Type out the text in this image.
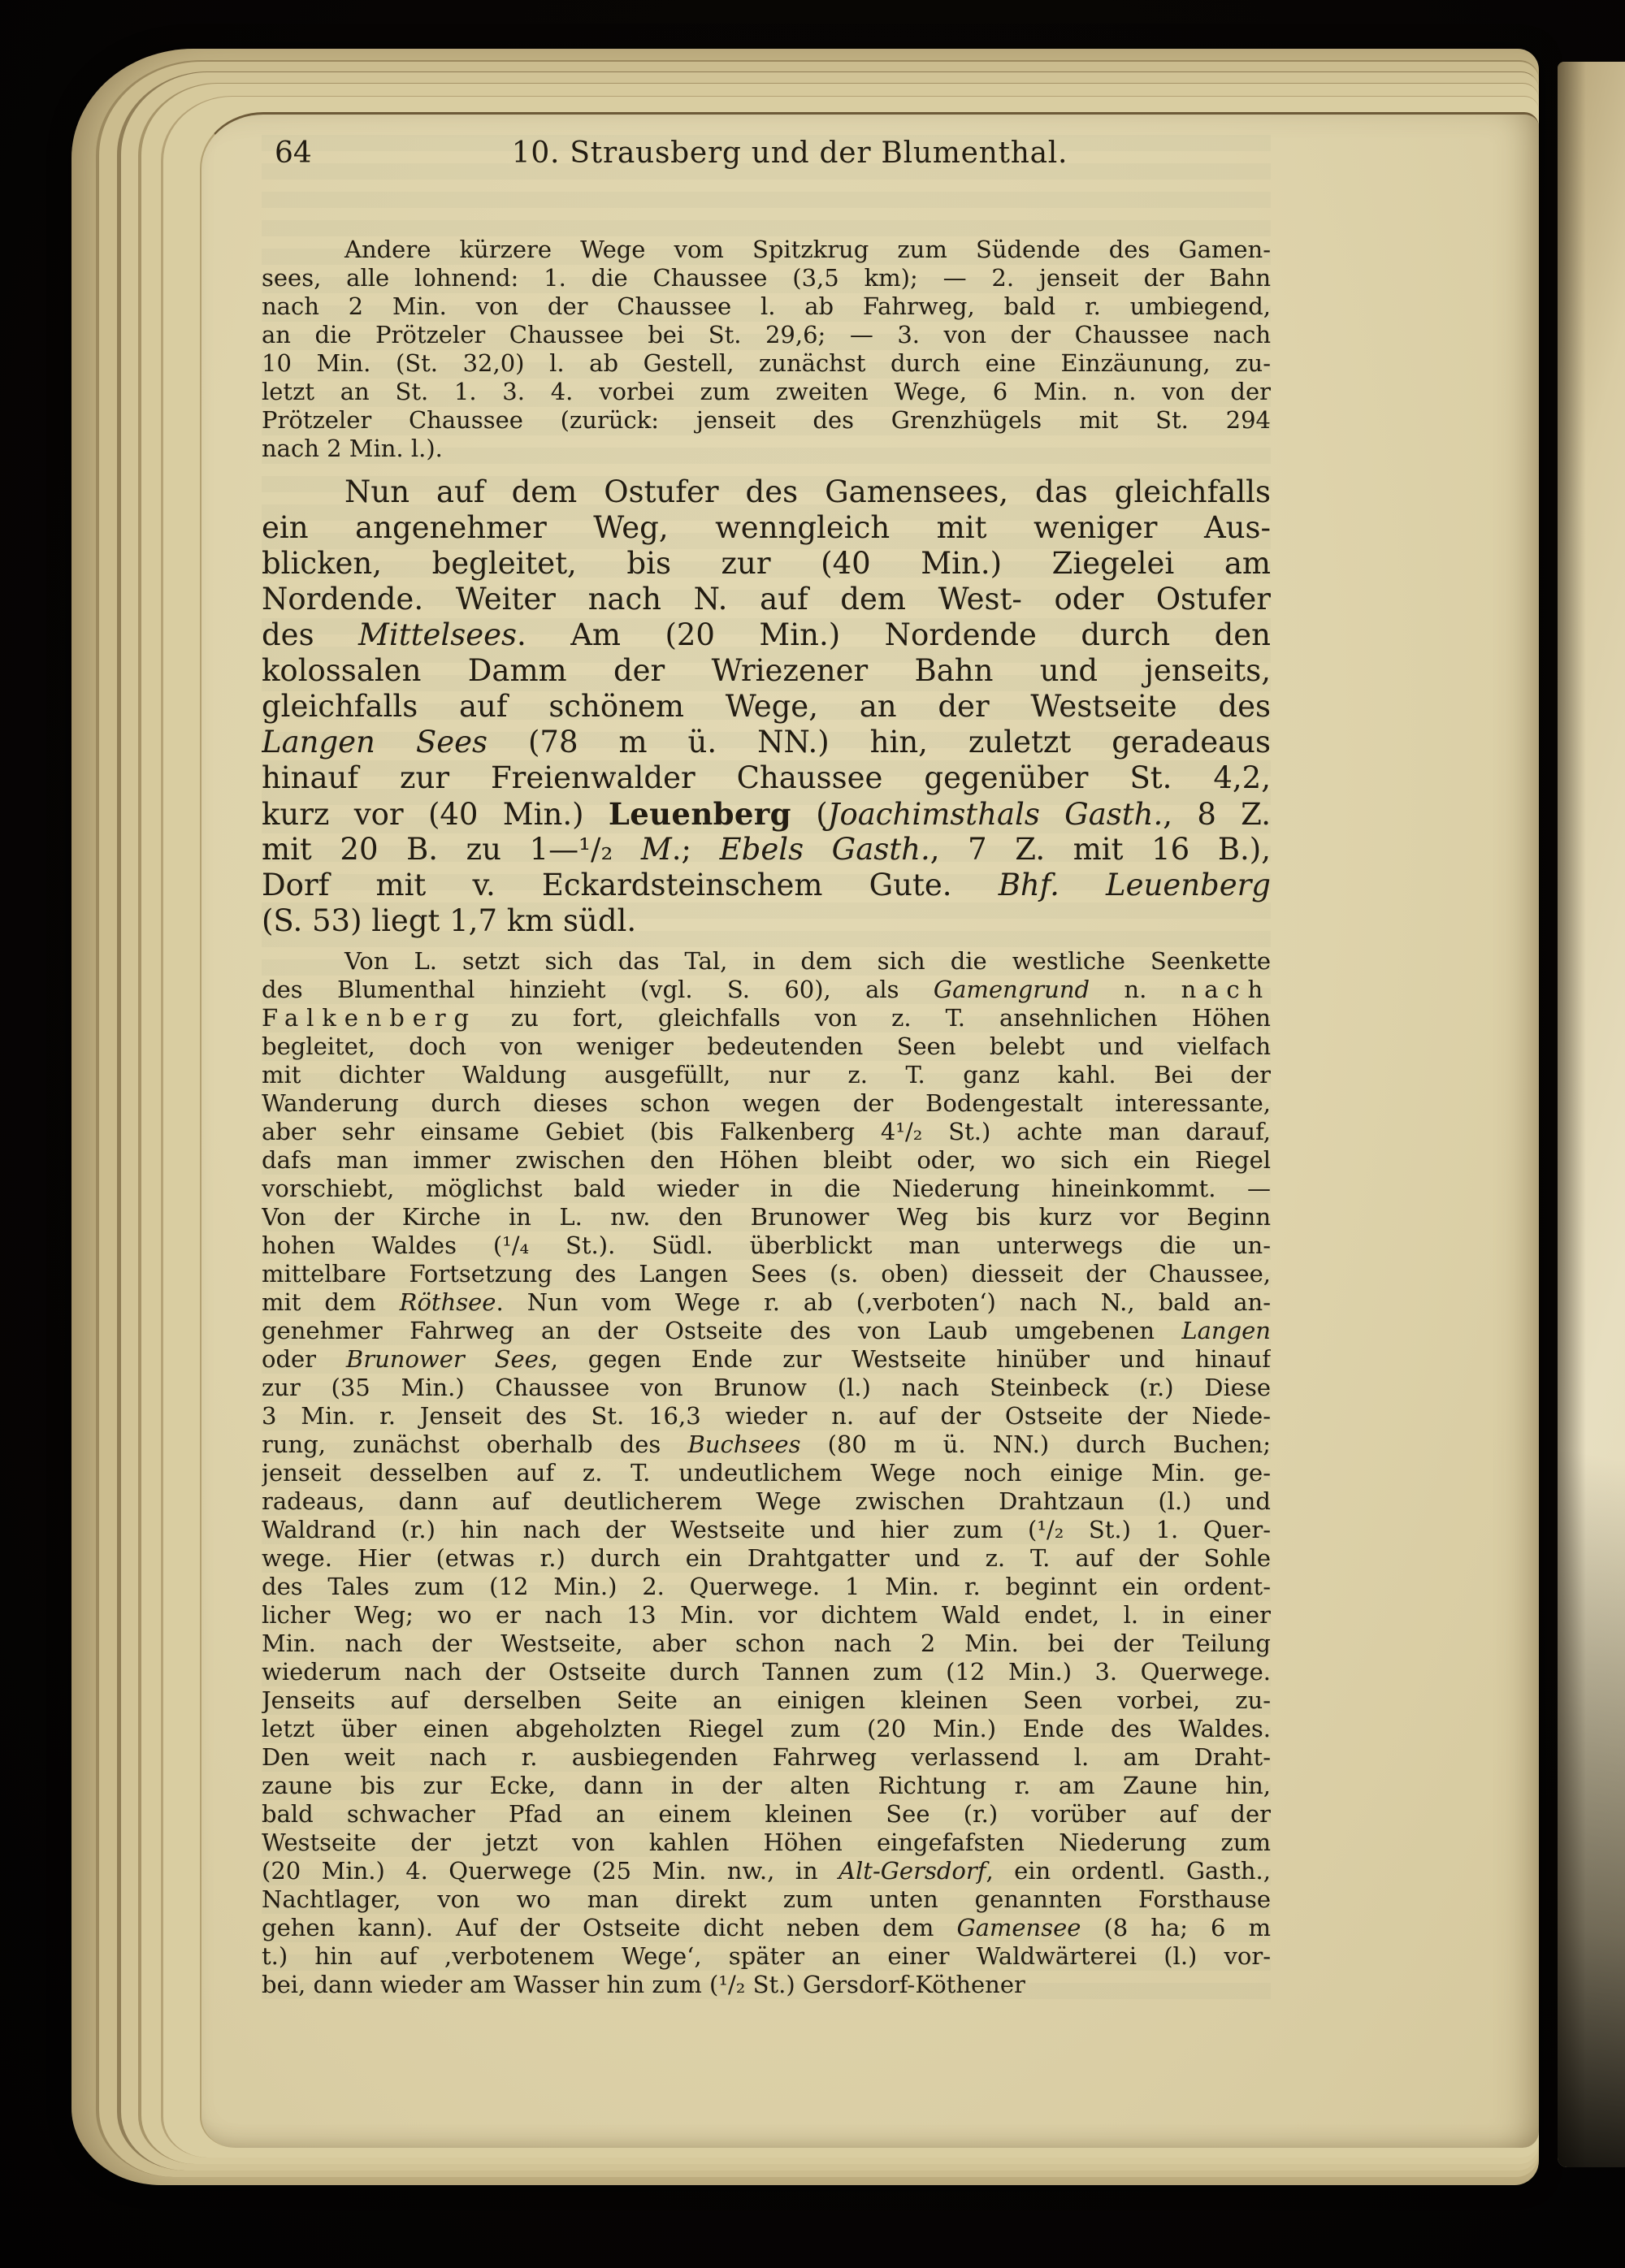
64	10. Strausberg und der Blumenthal.
Andere kürzere Wege vom Spitzkrug zum Südende des Gamen-
sees, alle lohnend: 1. die Chaussee (3,5 km); — 2. jenseit der Bahn
nach 2 Min. von der Chaussee l. ab Fahrweg, bald r. umbiegend,
an die Prötzeler Chaussee bei St. 29,6; — 3. von der Chaussee nach
10 Min. (St. 32,0) l. ab Gestell, zunächst durch eine Einzäunung, zu-
letzt an St. 1. 3. 4. vorbei zum zweiten Wege, 6 Min. n. von der
Prötzeler Chaussee (zurück: jenseit des Grenzhügels mit St. 294
nach 2 Min. l.).
Nun auf dem Ostufer des Gamensees, das gleichfalls
ein angenehmer Weg, wenngleich mit weniger Aus-
blicken, begleitet, bis zur (40 Min.) Ziegelei am
Nordende. Weiter nach N. auf dem West- oder Ostufer
des Mittelsees. Am (20 Min.) Nordende durch den
kolossalen Damm der Wriezener Bahn und jenseits,
gleichfalls auf schönem Wege, an der Westseite des
Langen Sees (78 m ü. NN.) hin, zuletzt geradeaus
hinauf zur Freienwalder Chaussee gegenüber St. 4,2,
kurz vor (40 Min.) Leuenberg (Joachimsthals Gasth., 8 Z.
mit 20 B. zu 1—¹/₂ M.; Ebels Gasth., 7 Z. mit 16 B.),
Dorf mit v. Eckardsteinschem Gute. Bhf. Leuenberg
(S. 53) liegt 1,7 km südl.
Von L. setzt sich das Tal, in dem sich die westliche Seenkette
des Blumenthal hinzieht (vgl. S. 60), als Gamengrund n. nach
Falkenberg zu fort, gleichfalls von z. T. ansehnlichen Höhen
begleitet, doch von weniger bedeutenden Seen belebt und vielfach
mit dichter Waldung ausgefüllt, nur z. T. ganz kahl. Bei der
Wanderung durch dieses schon wegen der Bodengestalt interessante,
aber sehr einsame Gebiet (bis Falkenberg 4¹/₂ St.) achte man darauf,
dafs man immer zwischen den Höhen bleibt oder, wo sich ein Riegel
vorschiebt, möglichst bald wieder in die Niederung hineinkommt. —
Von der Kirche in L. nw. den Brunower Weg bis kurz vor Beginn
hohen Waldes (¹/₄ St.). Südl. überblickt man unterwegs die un-
mittelbare Fortsetzung des Langen Sees (s. oben) diesseit der Chaussee,
mit dem Röthsee. Nun vom Wege r. ab (,verboten‘) nach N., bald an-
genehmer Fahrweg an der Ostseite des von Laub umgebenen Langen
oder Brunower Sees, gegen Ende zur Westseite hinüber und hinauf
zur (35 Min.) Chaussee von Brunow (l.) nach Steinbeck (r.) Diese
3 Min. r. Jenseit des St. 16,3 wieder n. auf der Ostseite der Niede-
rung, zunächst oberhalb des Buchsees (80 m ü. NN.) durch Buchen;
jenseit desselben auf z. T. undeutlichem Wege noch einige Min. ge-
radeaus, dann auf deutlicherem Wege zwischen Drahtzaun (l.) und
Waldrand (r.) hin nach der Westseite und hier zum (¹/₂ St.) 1. Quer-
wege. Hier (etwas r.) durch ein Drahtgatter und z. T. auf der Sohle
des Tales zum (12 Min.) 2. Querwege. 1 Min. r. beginnt ein ordent-
licher Weg; wo er nach 13 Min. vor dichtem Wald endet, l. in einer
Min. nach der Westseite, aber schon nach 2 Min. bei der Teilung
wiederum nach der Ostseite durch Tannen zum (12 Min.) 3. Querwege.
Jenseits auf derselben Seite an einigen kleinen Seen vorbei, zu-
letzt über einen abgeholzten Riegel zum (20 Min.) Ende des Waldes.
Den weit nach r. ausbiegenden Fahrweg verlassend l. am Draht-
zaune bis zur Ecke, dann in der alten Richtung r. am Zaune hin,
bald schwacher Pfad an einem kleinen See (r.) vorüber auf der
Westseite der jetzt von kahlen Höhen eingefafsten Niederung zum
(20 Min.) 4. Querwege (25 Min. nw., in Alt-Gersdorf, ein ordentl. Gasth.,
Nachtlager, von wo man direkt zum unten genannten Forsthause
gehen kann). Auf der Ostseite dicht neben dem Gamensee (8 ha; 6 m
t.) hin auf ,verbotenem Wege‘, später an einer Waldwärterei (l.) vor-
bei, dann wieder am Wasser hin zum (¹/₂ St.) Gersdorf-Köthener
